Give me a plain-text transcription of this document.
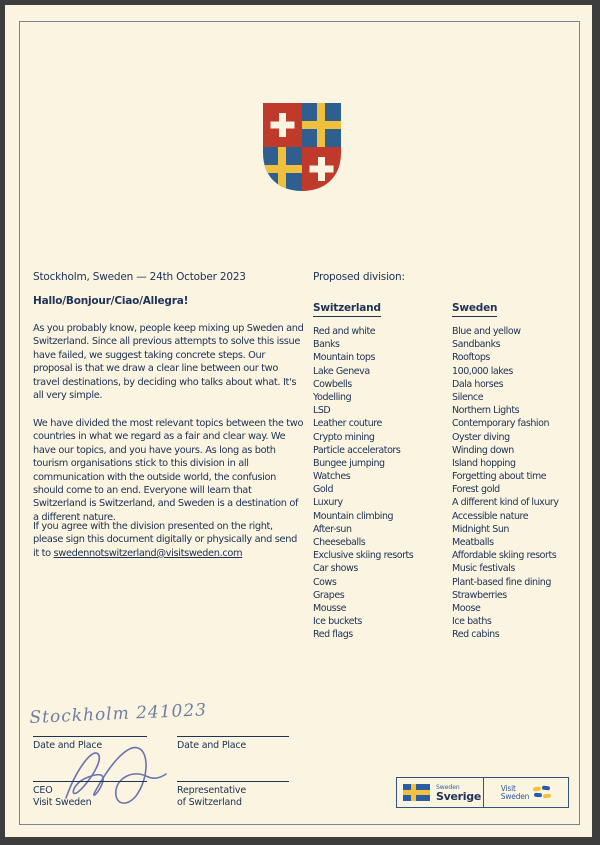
Stockholm, Sweden — 24th October 2023
Hallo/Bonjour/Ciao/Allegra!
As you probably know, people keep mixing up Sweden and Switzerland. Since all previous attempts to solve this issue have failed, we suggest taking concrete steps. Our proposal is that we draw a clear line between our two travel destinations, by deciding who talks about what. It's all very simple.
We have divided the most relevant topics between the two countries in what we regard as a fair and clear way. We have our topics, and you have yours. As long as both tourism organisations stick to this division in all communication with the outside world, the confusion should come to an end. Everyone will learn that Switzerland is Switzerland, and Sweden is a destination of a different nature.
If you agree with the division presented on the right, please sign this document digitally or physically and send it to swedennotswitzerland@visitsweden.com
Proposed division:
Switzerland	Sweden
Red and white
Banks
Mountain tops
Lake Geneva
Cowbells
Yodelling
LSD
Leather couture
Crypto mining
Particle accelerators
Bungee jumping
Watches
Gold
Luxury
Mountain climbing
After-sun
Cheeseballs
Exclusive skiing resorts
Car shows
Cows
Grapes
Mousse
Ice buckets
Red flags
Blue and yellow
Sandbanks
Rooftops
100,000 lakes
Dala horses
Silence
Northern Lights
Contemporary fashion
Oyster diving
Winding down
Island hopping
Forgetting about time
Forest gold
A different kind of luxury
Accessible nature
Midnight Sun
Meatballs
Affordable skiing resorts
Music festivals
Plant-based fine dining
Strawberries
Moose
Ice baths
Red cabins
Stockholm 241023
Date and Place	Date and Place
CEO
Visit Sweden
Representative
of Switzerland
Sweden
Sverige
Visit
Sweden
